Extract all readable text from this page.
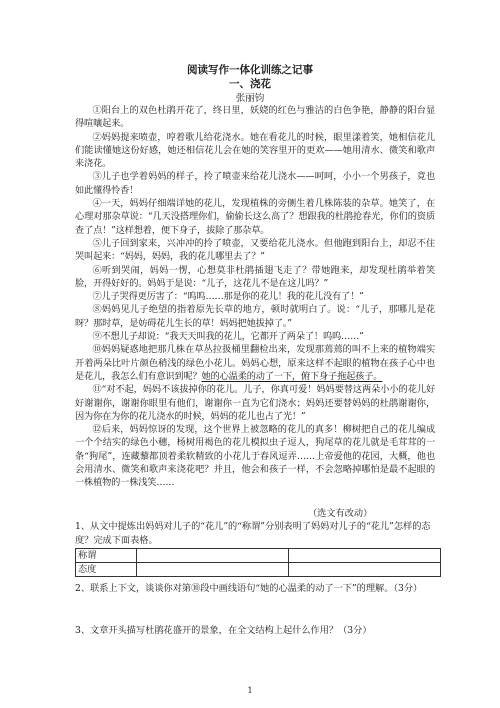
阅读写作一体化训练之记事
一、浇花
张丽钧

①阳台上的双色杜鹃开花了，终日里，妖娆的红色与雅洁的白色争艳，静静的阳台显得喧嚷起来。

②妈妈提来喷壶，哼着歌儿给花浇水。她在看花儿的时候，眼里漾着笑，她相信花儿们能读懂她这份好感，她还相信花儿会在她的笑容里开的更欢——她用清水、微笑和歌声来浇花。

③儿子也学着妈妈的样子，拎了喷壶来给花儿浇水——呵呵，小小一个男孩子，竟也如此懂得怜香！

④一天，妈妈仔细端详她的花儿，发现植株的旁侧生着几株陈装的杂草。她笑了，在心理对那杂草说：“几天没搭理你们，偷偷长这么高了？想跟我的杜鹃抢春光，你们的资质查了点！”这样想着，便下身子，拔除了那杂草。

⑤儿子回到家来，兴冲冲的拎了喷壶，又要给花儿浇水。但他跑到阳台上，却忍不住哭叫起来：“妈妈，妈妈，我的花儿哪里去了？”

⑥听到哭闹，妈妈一愣，心想莫非杜鹃插翅飞走了？带她跑来，却发现杜鹃举着笑脸，开得好好的。妈妈于是说：“儿子，这花儿不是在这儿吗？”

⑦儿子哭得更厉害了：“呜呜……那是你的花儿！我的花儿没有了！”

⑧妈妈见儿子绝望的指着原先长草的地方，顿时就明白了。说：“儿子，那哪儿是花呀？那时草，是妨碍花儿生长的草！妈妈把她拔掉了。”

⑨不想儿子却说：“我天天叫我的花儿，它都开了两朵了！呜呜……”

⑩妈妈疑惑地把那几株在草丛拉扱桶里翻检出来，发现那蔫蔫的叫不上来的植物端实开着两朵比叶片颜色稍浅的绿色小花儿。妈妈心想，原来这样不起眼的植物在孩子心中也是花儿，我怎么们有意识到呢？她的心温柔的动了一下，俯下身子拖起孩子。

⑪“对不起，妈妈不该拔掉你的花儿。儿子，你真可爱！妈妈要替这两朵小小的花儿好好谢谢你，谢谢你眼里有他们，谢谢你一直为它们浇水；妈妈还要替妈妈的杜鹃谢谢你，因为你在为你的花儿浇水的时候，妈妈的花儿也占了光！”

⑫后来，妈妈惊讶的发现，这个世界上被忽略的花儿的真多！柳树把自己的花儿编成一个个结实的绿色小穗，杨树用褐色的花儿模拟虫子逗人，狗尾草的花儿就是毛茸茸的一条“狗尾”，连藏藜都顶着柔软精致的小花儿于春风逗弄……上帝爱他的花园，大概，他也会用清水、微笑和歌声来浇花吧？并且，他会和孩子一样，不会忽略掉哪怕是最不起眼的一株植物的一株浅笑……

（选文有改动）

1、从文中提炼出妈妈对儿子的“花儿”的“称谓”分别表明了妈妈对儿子的“花儿”怎样的态度？完成下面表格。

称谓		
态度		

2、联系上下文，谈谈你对第⑩段中画线语句“她的心温柔的动了一下”的理解。（3分）

3、文章开头描写杜鹃花盛开的景象，在全文结构上起什么作用？（3分）

1
